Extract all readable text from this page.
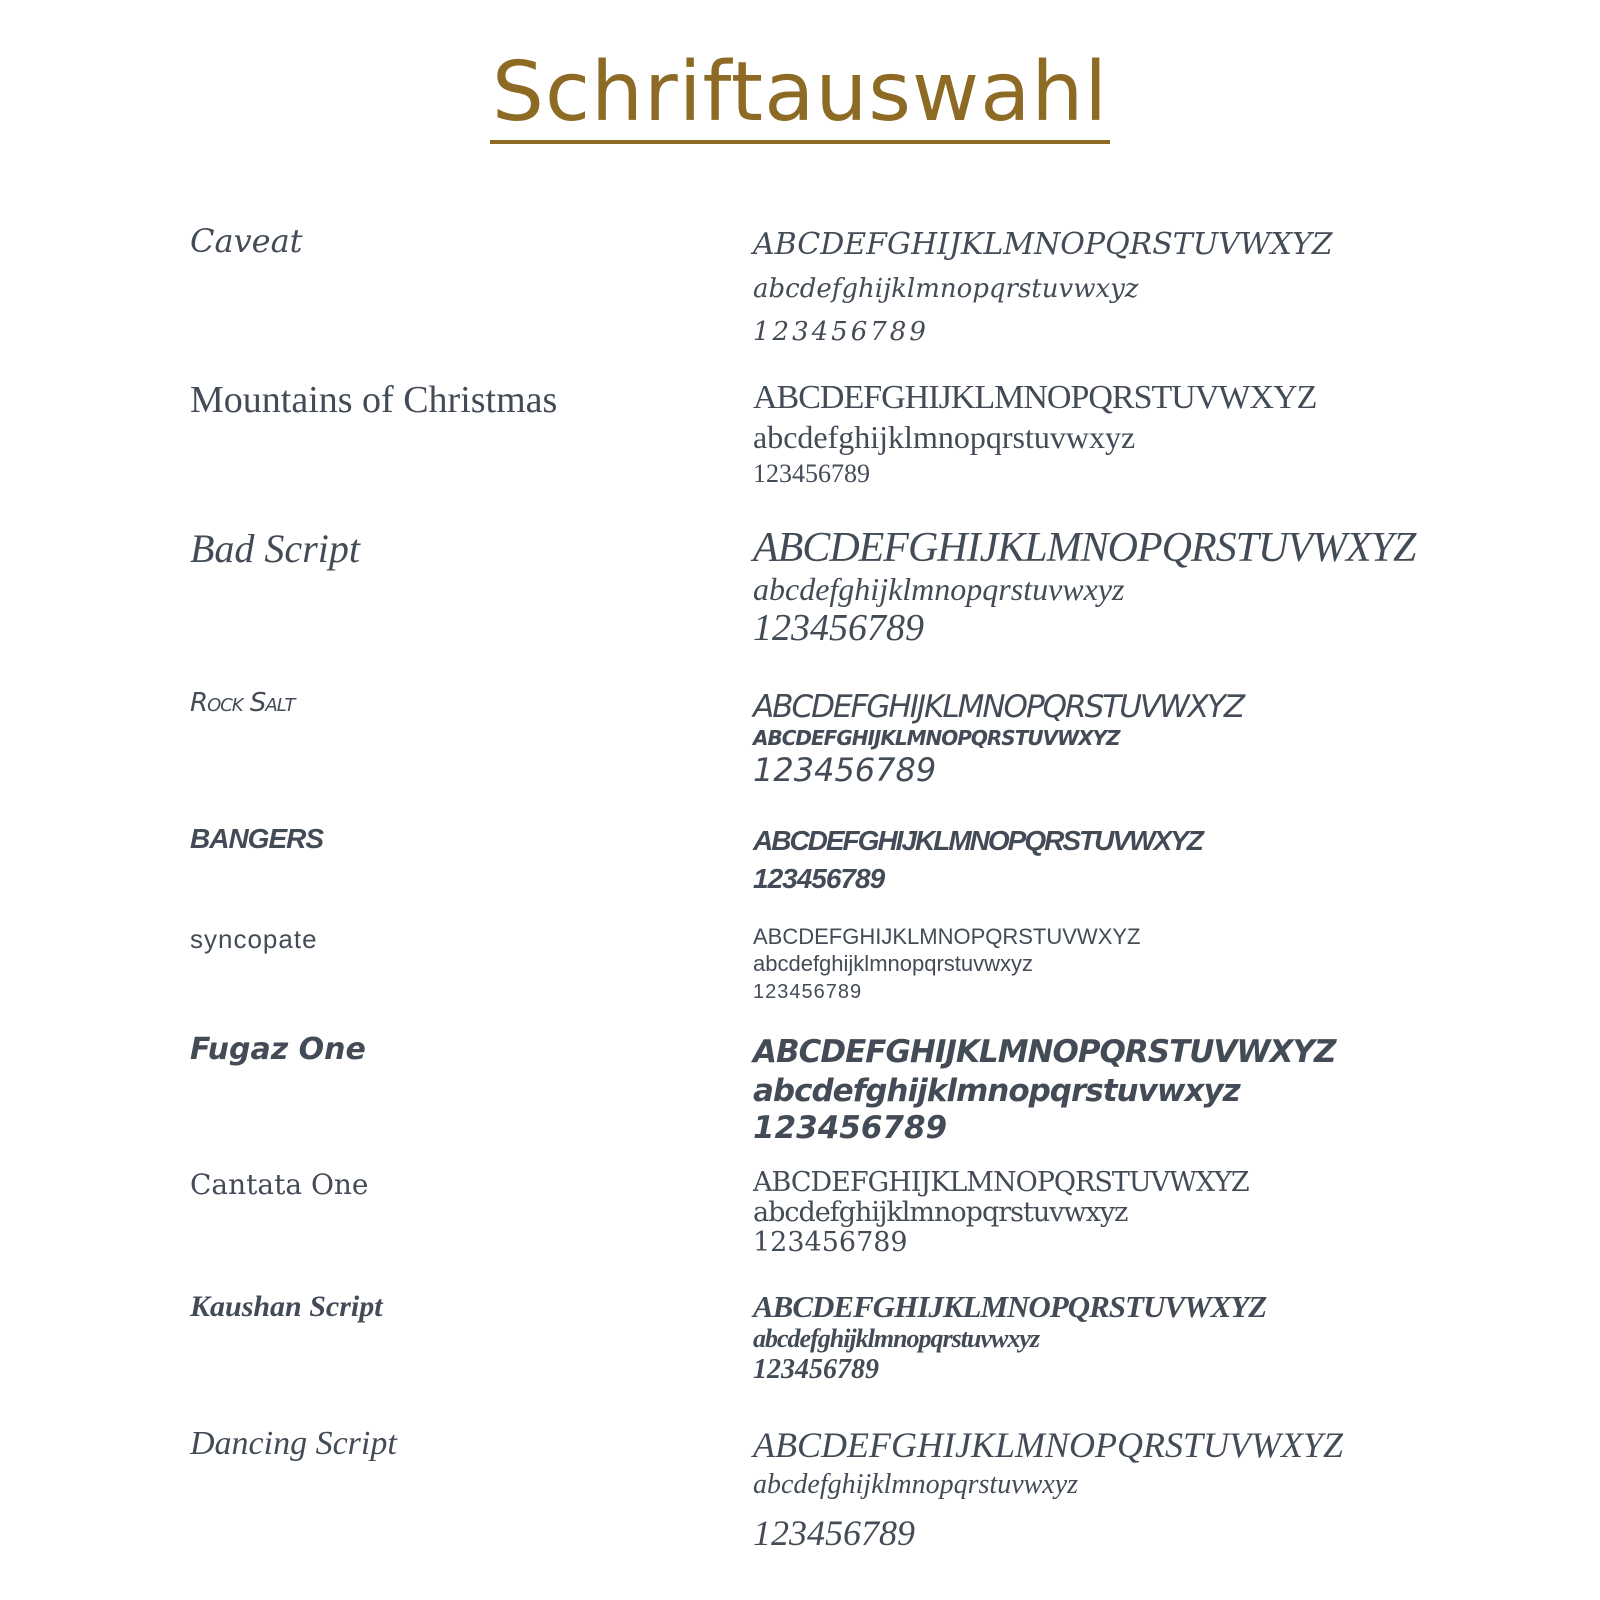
Schriftauswahl
Caveat	ABCDEFGHIJKLMNOPQRSTUVWXYZ
abcdefghijklmnopqrstuvwxyz
123456789
Mountains of Christmas	ABCDEFGHIJKLMNOPQRSTUVWXYZ
abcdefghijklmnopqrstuvwxyz
123456789
Bad Script	ABCDEFGHIJKLMNOPQRSTUVWXYZ
abcdefghijklmnopqrstuvwxyz
123456789
Rock Salt	ABCDEFGHIJKLMNOPQRSTUVWXYZ
ABCDEFGHIJKLMNOPQRSTUVWXYZ
123456789
BANGERS	ABCDEFGHIJKLMNOPQRSTUVWXYZ
123456789
syncopate	ABCDEFGHIJKLMNOPQRSTUVWXYZ
abcdefghijklmnopqrstuvwxyz
123456789
Fugaz One	ABCDEFGHIJKLMNOPQRSTUVWXYZ
abcdefghijklmnopqrstuvwxyz
123456789
Cantata One	ABCDEFGHIJKLMNOPQRSTUVWXYZ
abcdefghijklmnopqrstuvwxyz
123456789
Kaushan Script	ABCDEFGHIJKLMNOPQRSTUVWXYZ
abcdefghijklmnopqrstuvwxyz
123456789
Dancing Script	ABCDEFGHIJKLMNOPQRSTUVWXYZ
abcdefghijklmnopqrstuvwxyz
123456789
